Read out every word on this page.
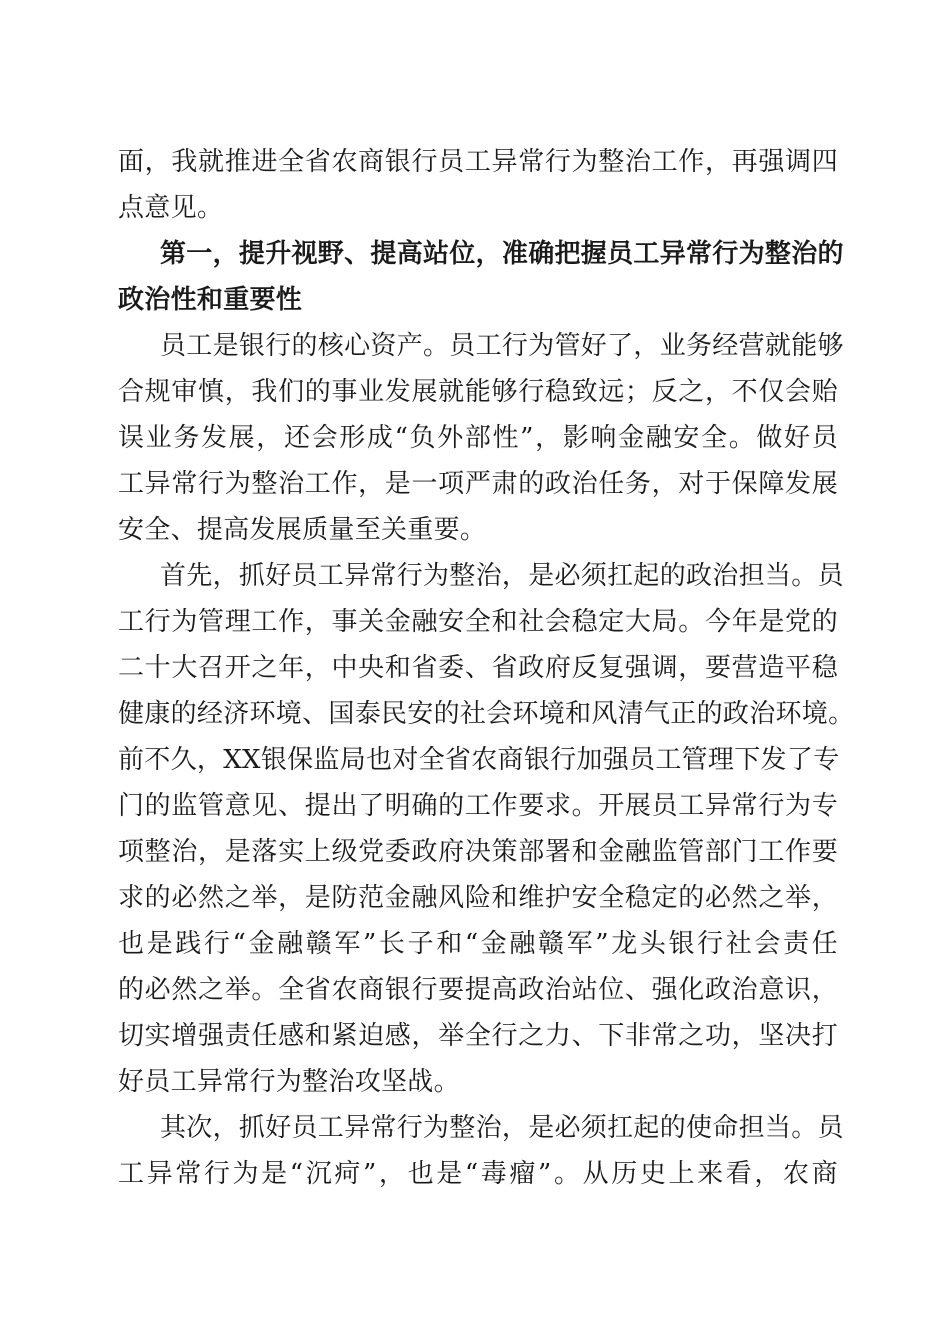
面，我就推进全省农商银行员工异常行为整治工作，再强调四
点意见。
第一，提升视野、提高站位，准确把握员工异常行为整治的
政治性和重要性
员工是银行的核心资产。员工行为管好了，业务经营就能够
合规审慎，我们的事业发展就能够行稳致远；反之，不仅会贻
误业务发展，还会形成“负外部性”，影响金融安全。做好员
工异常行为整治工作，是一项严肃的政治任务，对于保障发展
安全、提高发展质量至关重要。
首先，抓好员工异常行为整治，是必须扛起的政治担当。员
工行为管理工作，事关金融安全和社会稳定大局。今年是党的
二十大召开之年，中央和省委、省政府反复强调，要营造平稳
健康的经济环境、国泰民安的社会环境和风清气正的政治环境。
前不久，XX银保监局也对全省农商银行加强员工管理下发了专
门的监管意见、提出了明确的工作要求。开展员工异常行为专
项整治，是落实上级党委政府决策部署和金融监管部门工作要
求的必然之举，是防范金融风险和维护安全稳定的必然之举，
也是践行“金融赣军”长子和“金融赣军”龙头银行社会责任
的必然之举。全省农商银行要提高政治站位、强化政治意识，
切实增强责任感和紧迫感，举全行之力、下非常之功，坚决打
好员工异常行为整治攻坚战。
其次，抓好员工异常行为整治，是必须扛起的使命担当。员
工异常行为是“沉疴”，也是“毒瘤”。从历史上来看，农商
